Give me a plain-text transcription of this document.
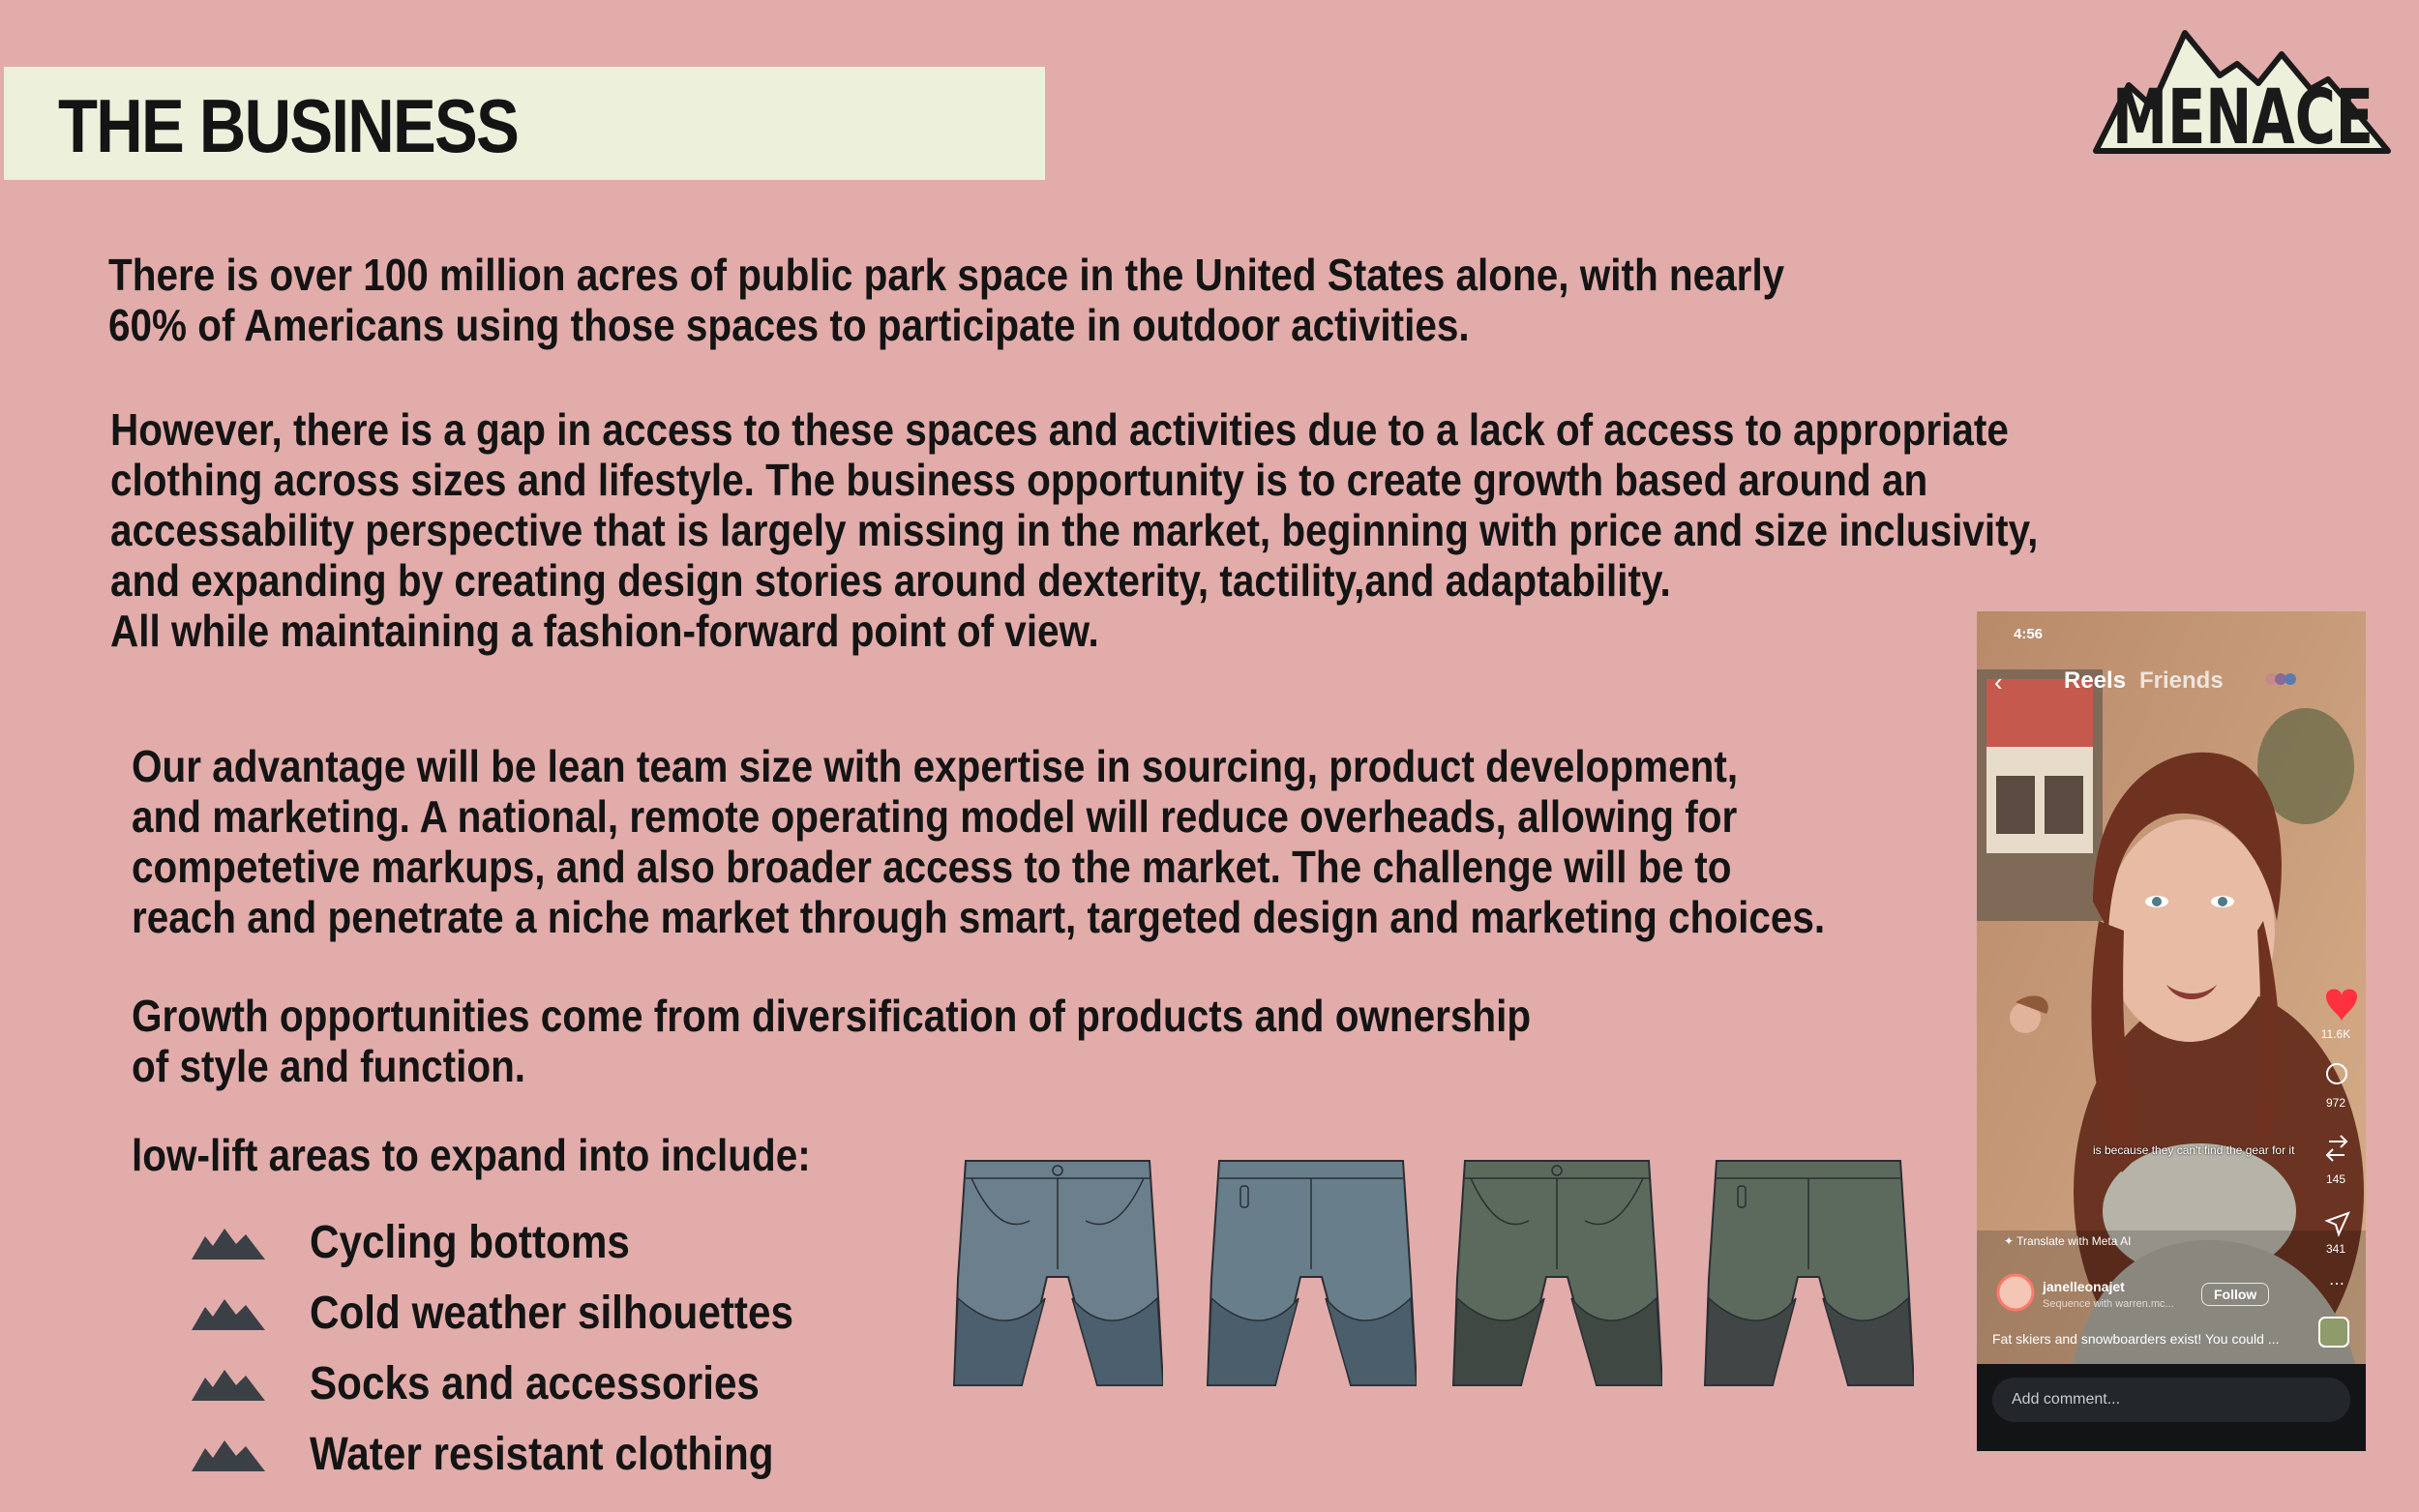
THE BUSINESS	MENACE

There is over 100 million acres of public park space in the United States alone, with nearly
60% of Americans using those spaces to participate in outdoor activities.

However, there is a gap in access to these spaces and activities due to a lack of access to appropriate
clothing across sizes and lifestyle. The business opportunity is to create growth based around an
accessability perspective that is largely missing in the market, beginning with price and size inclusivity,
and expanding by creating design stories around dexterity, tactility,and adaptability.
All while maintaining a fashion-forward point of view.

Our advantage will be lean team size with expertise in sourcing, product development,
and marketing. A national, remote operating model will reduce overheads, allowing for
competetive markups, and also broader access to the market. The challenge will be to
reach and penetrate a niche market through smart, targeted design and marketing choices.

Growth opportunities come from diversification of products and ownership
of style and function.

low-lift areas to expand into include:

Cycling bottoms
Cold weather silhouettes
Socks and accessories
Water resistant clothing
⋯
4:56
‹	Reels Friends
11.6K
972
145
341
is because they can't find the gear for it
✦ Translate with Meta AI
janelleonajet
Sequence with warren.mc...
Follow
Fat skiers and snowboarders exist! You could ...
Add comment...
